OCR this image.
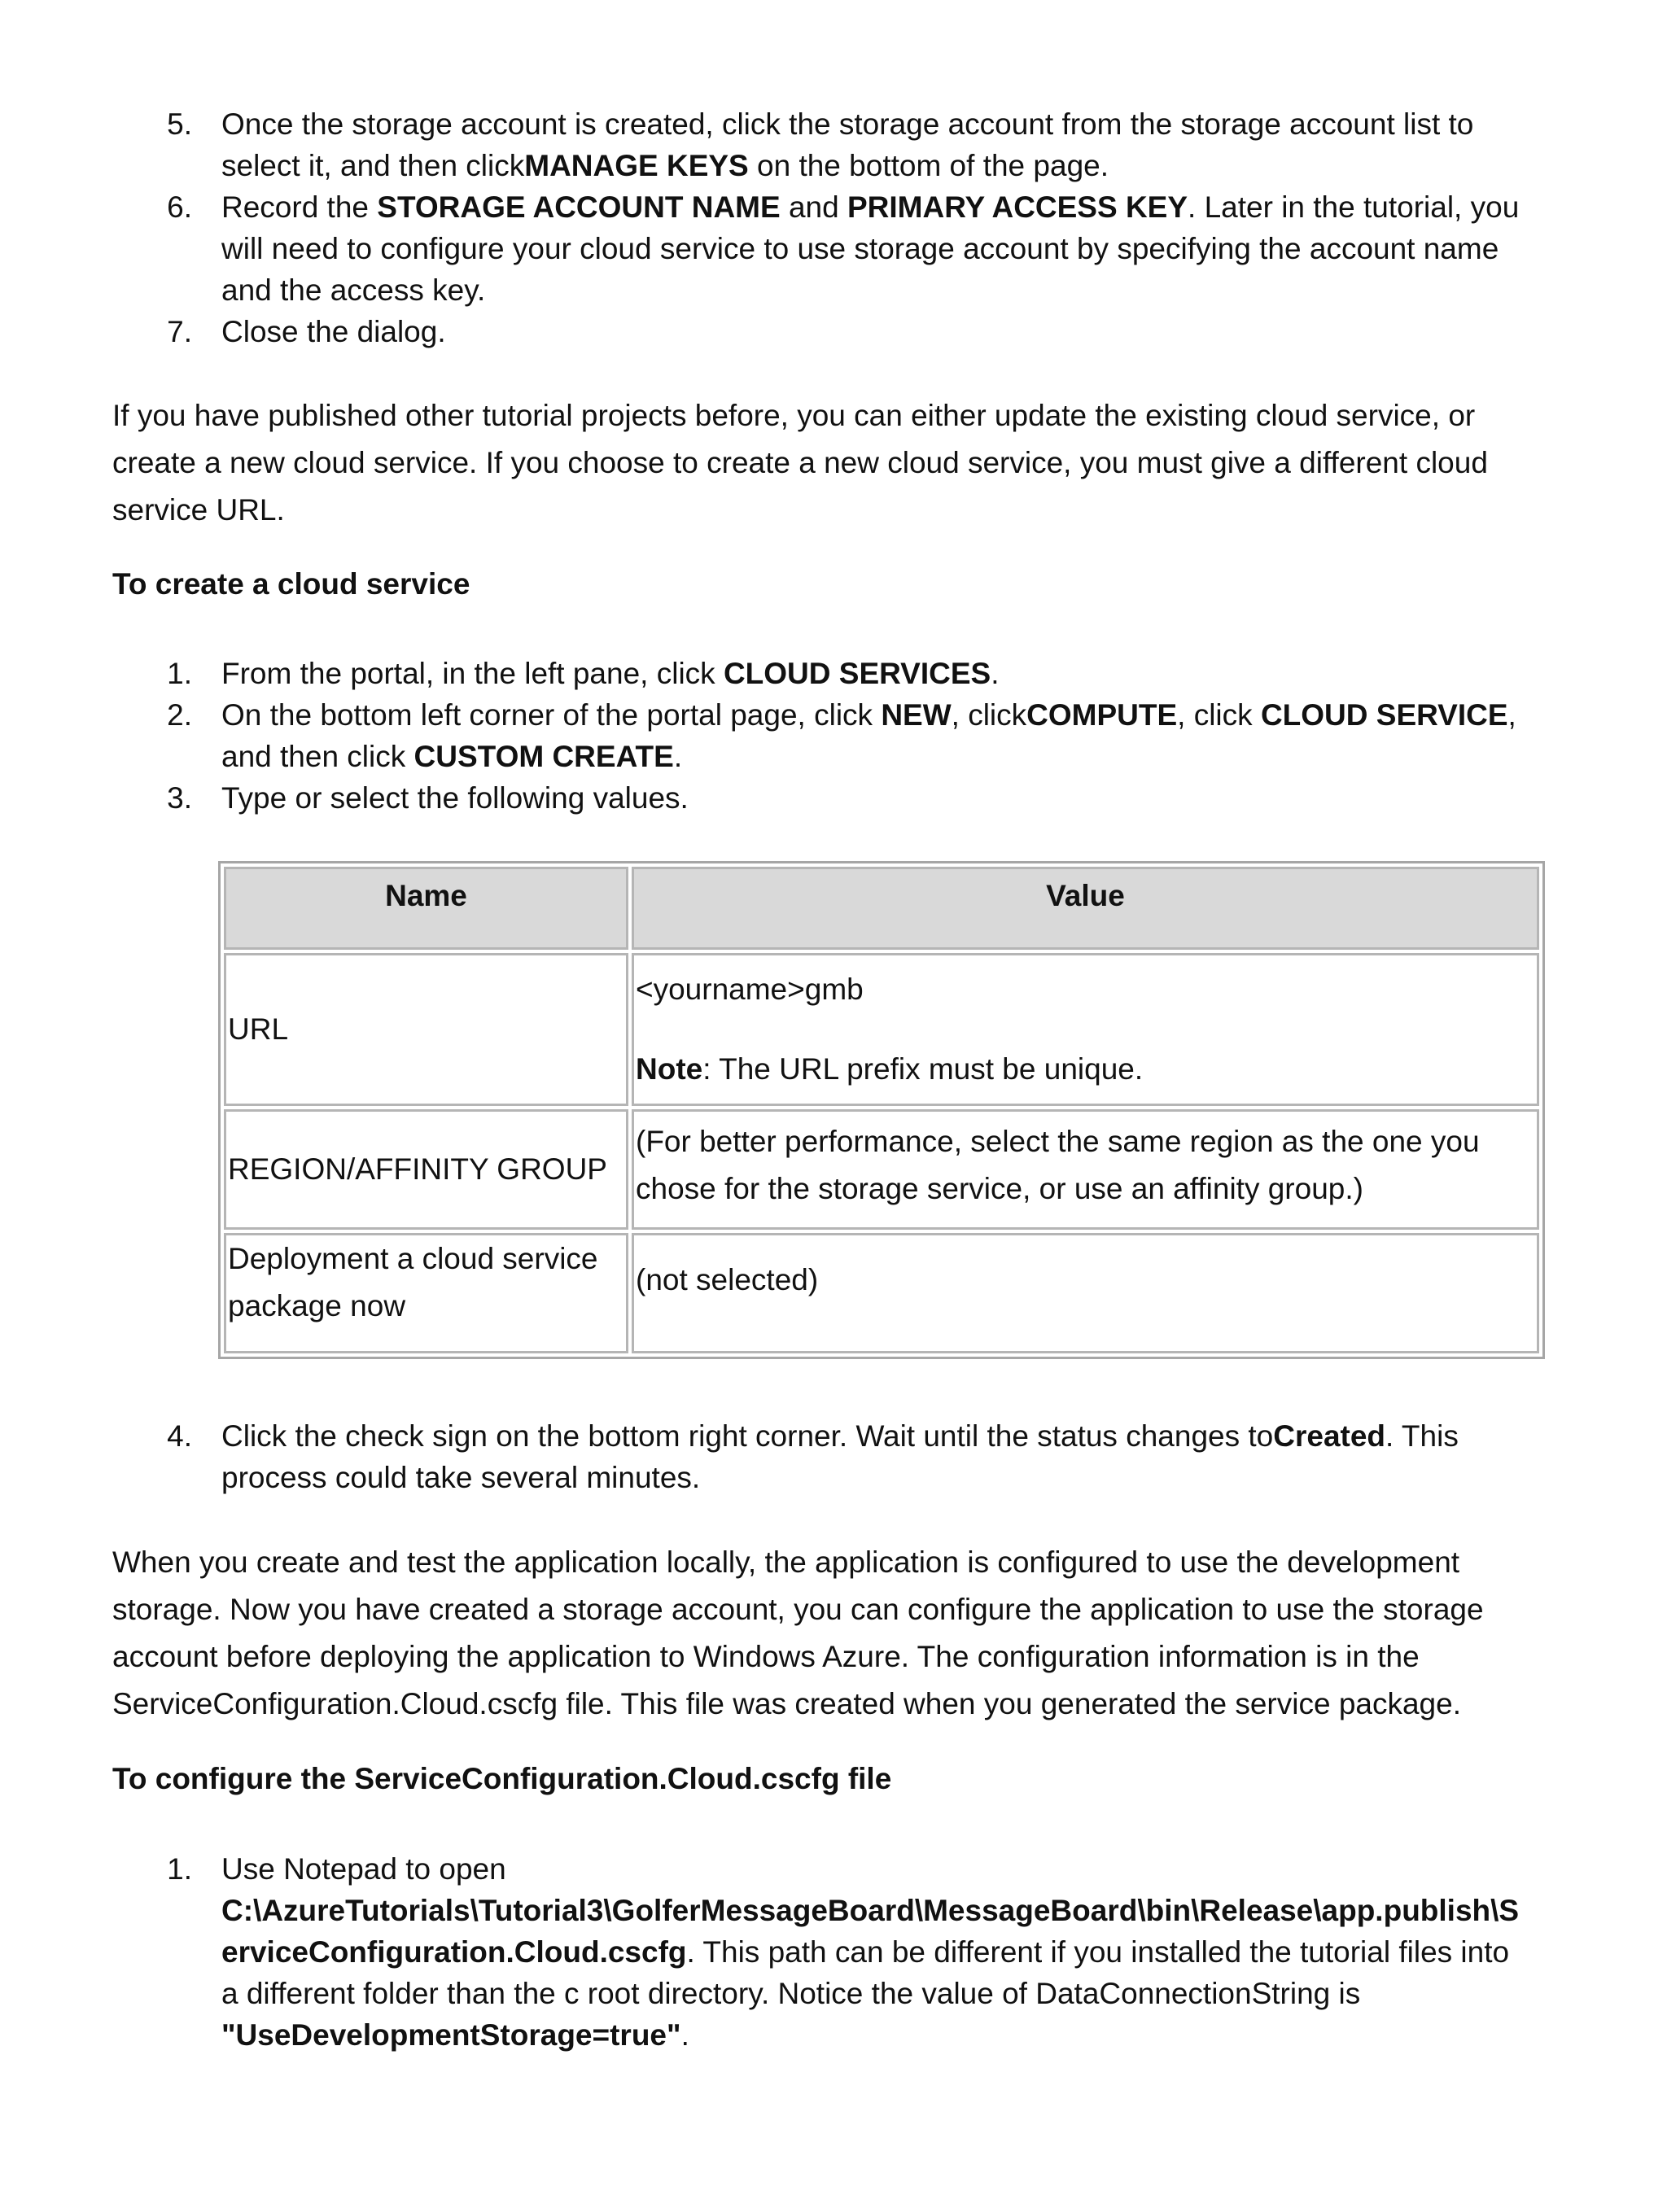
5. Once the storage account is created, click the storage account from the storage account list to select it, and then clickMANAGE KEYS on the bottom of the page.
6. Record the STORAGE ACCOUNT NAME and PRIMARY ACCESS KEY. Later in the tutorial, you will need to configure your cloud service to use storage account by specifying the account name and the access key.
7. Close the dialog.
If you have published other tutorial projects before, you can either update the existing cloud service, or create a new cloud service. If you choose to create a new cloud service, you must give a different cloud service URL.
To create a cloud service
1. From the portal, in the left pane, click CLOUD SERVICES.
2. On the bottom left corner of the portal page, click NEW, clickCOMPUTE, click CLOUD SERVICE, and then click CUSTOM CREATE.
3. Type or select the following values.
Name	Value
URL	<yourname>gmb
Note: The URL prefix must be unique.

REGION/AFFINITY GROUP	(For better performance, select the same region as the one you chose for the storage service, or use an affinity group.)
Deployment a cloud service package now	(not selected)
4. Click the check sign on the bottom right corner. Wait until the status changes toCreated. This process could take several minutes.
When you create and test the application locally, the application is configured to use the development storage. Now you have created a storage account, you can configure the application to use the storage account before deploying the application to Windows Azure. The configuration information is in the ServiceConfiguration.Cloud.cscfg file. This file was created when you generated the service package.
To configure the ServiceConfiguration.Cloud.cscfg file
1. Use Notepad to open
C:\AzureTutorials\Tutorial3\GolferMessageBoard\MessageBoard\bin\Release\app.publish\S
erviceConfiguration.Cloud.cscfg. This path can be different if you installed the tutorial files into
a different folder than the c root directory. Notice the value of DataConnectionString is
"UseDevelopmentStorage=true".
